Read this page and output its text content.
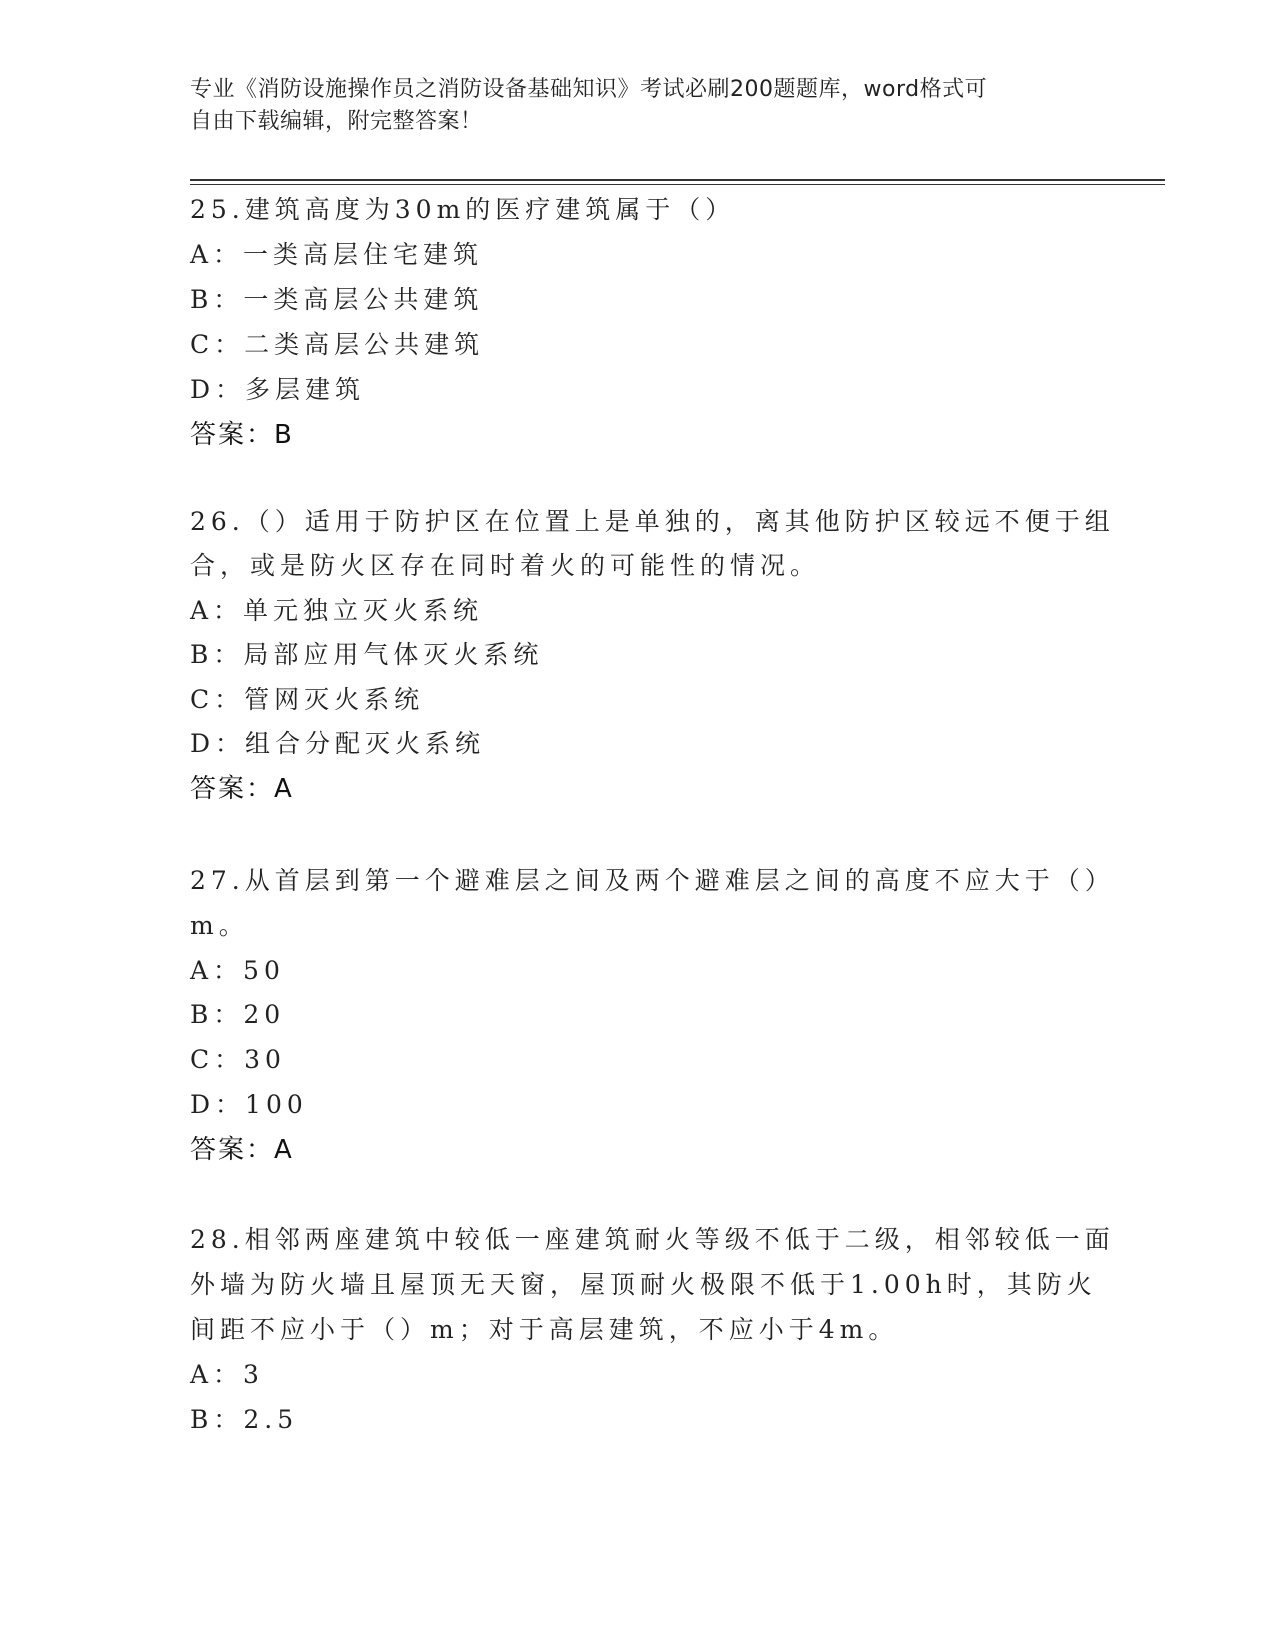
专业《消防设施操作员之消防设备基础知识》考试必刷200题题库，word格式可
自由下载编辑，附完整答案！
25.建筑高度为30m的医疗建筑属于（）
A：一类高层住宅建筑
B：一类高层公共建筑
C：二类高层公共建筑
D：多层建筑
答案：B
26.（）适用于防护区在位置上是单独的，离其他防护区较远不便于组
合，或是防火区存在同时着火的可能性的情况。
A：单元独立灭火系统
B：局部应用气体灭火系统
C：管网灭火系统
D：组合分配灭火系统
答案：A
27.从首层到第一个避难层之间及两个避难层之间的高度不应大于（）
m。
A：50
B：20
C：30
D：100
答案：A
28.相邻两座建筑中较低一座建筑耐火等级不低于二级，相邻较低一面
外墙为防火墙且屋顶无天窗，屋顶耐火极限不低于1.00h时，其防火
间距不应小于（）m；对于高层建筑，不应小于4m。
A：3
B：2.5
